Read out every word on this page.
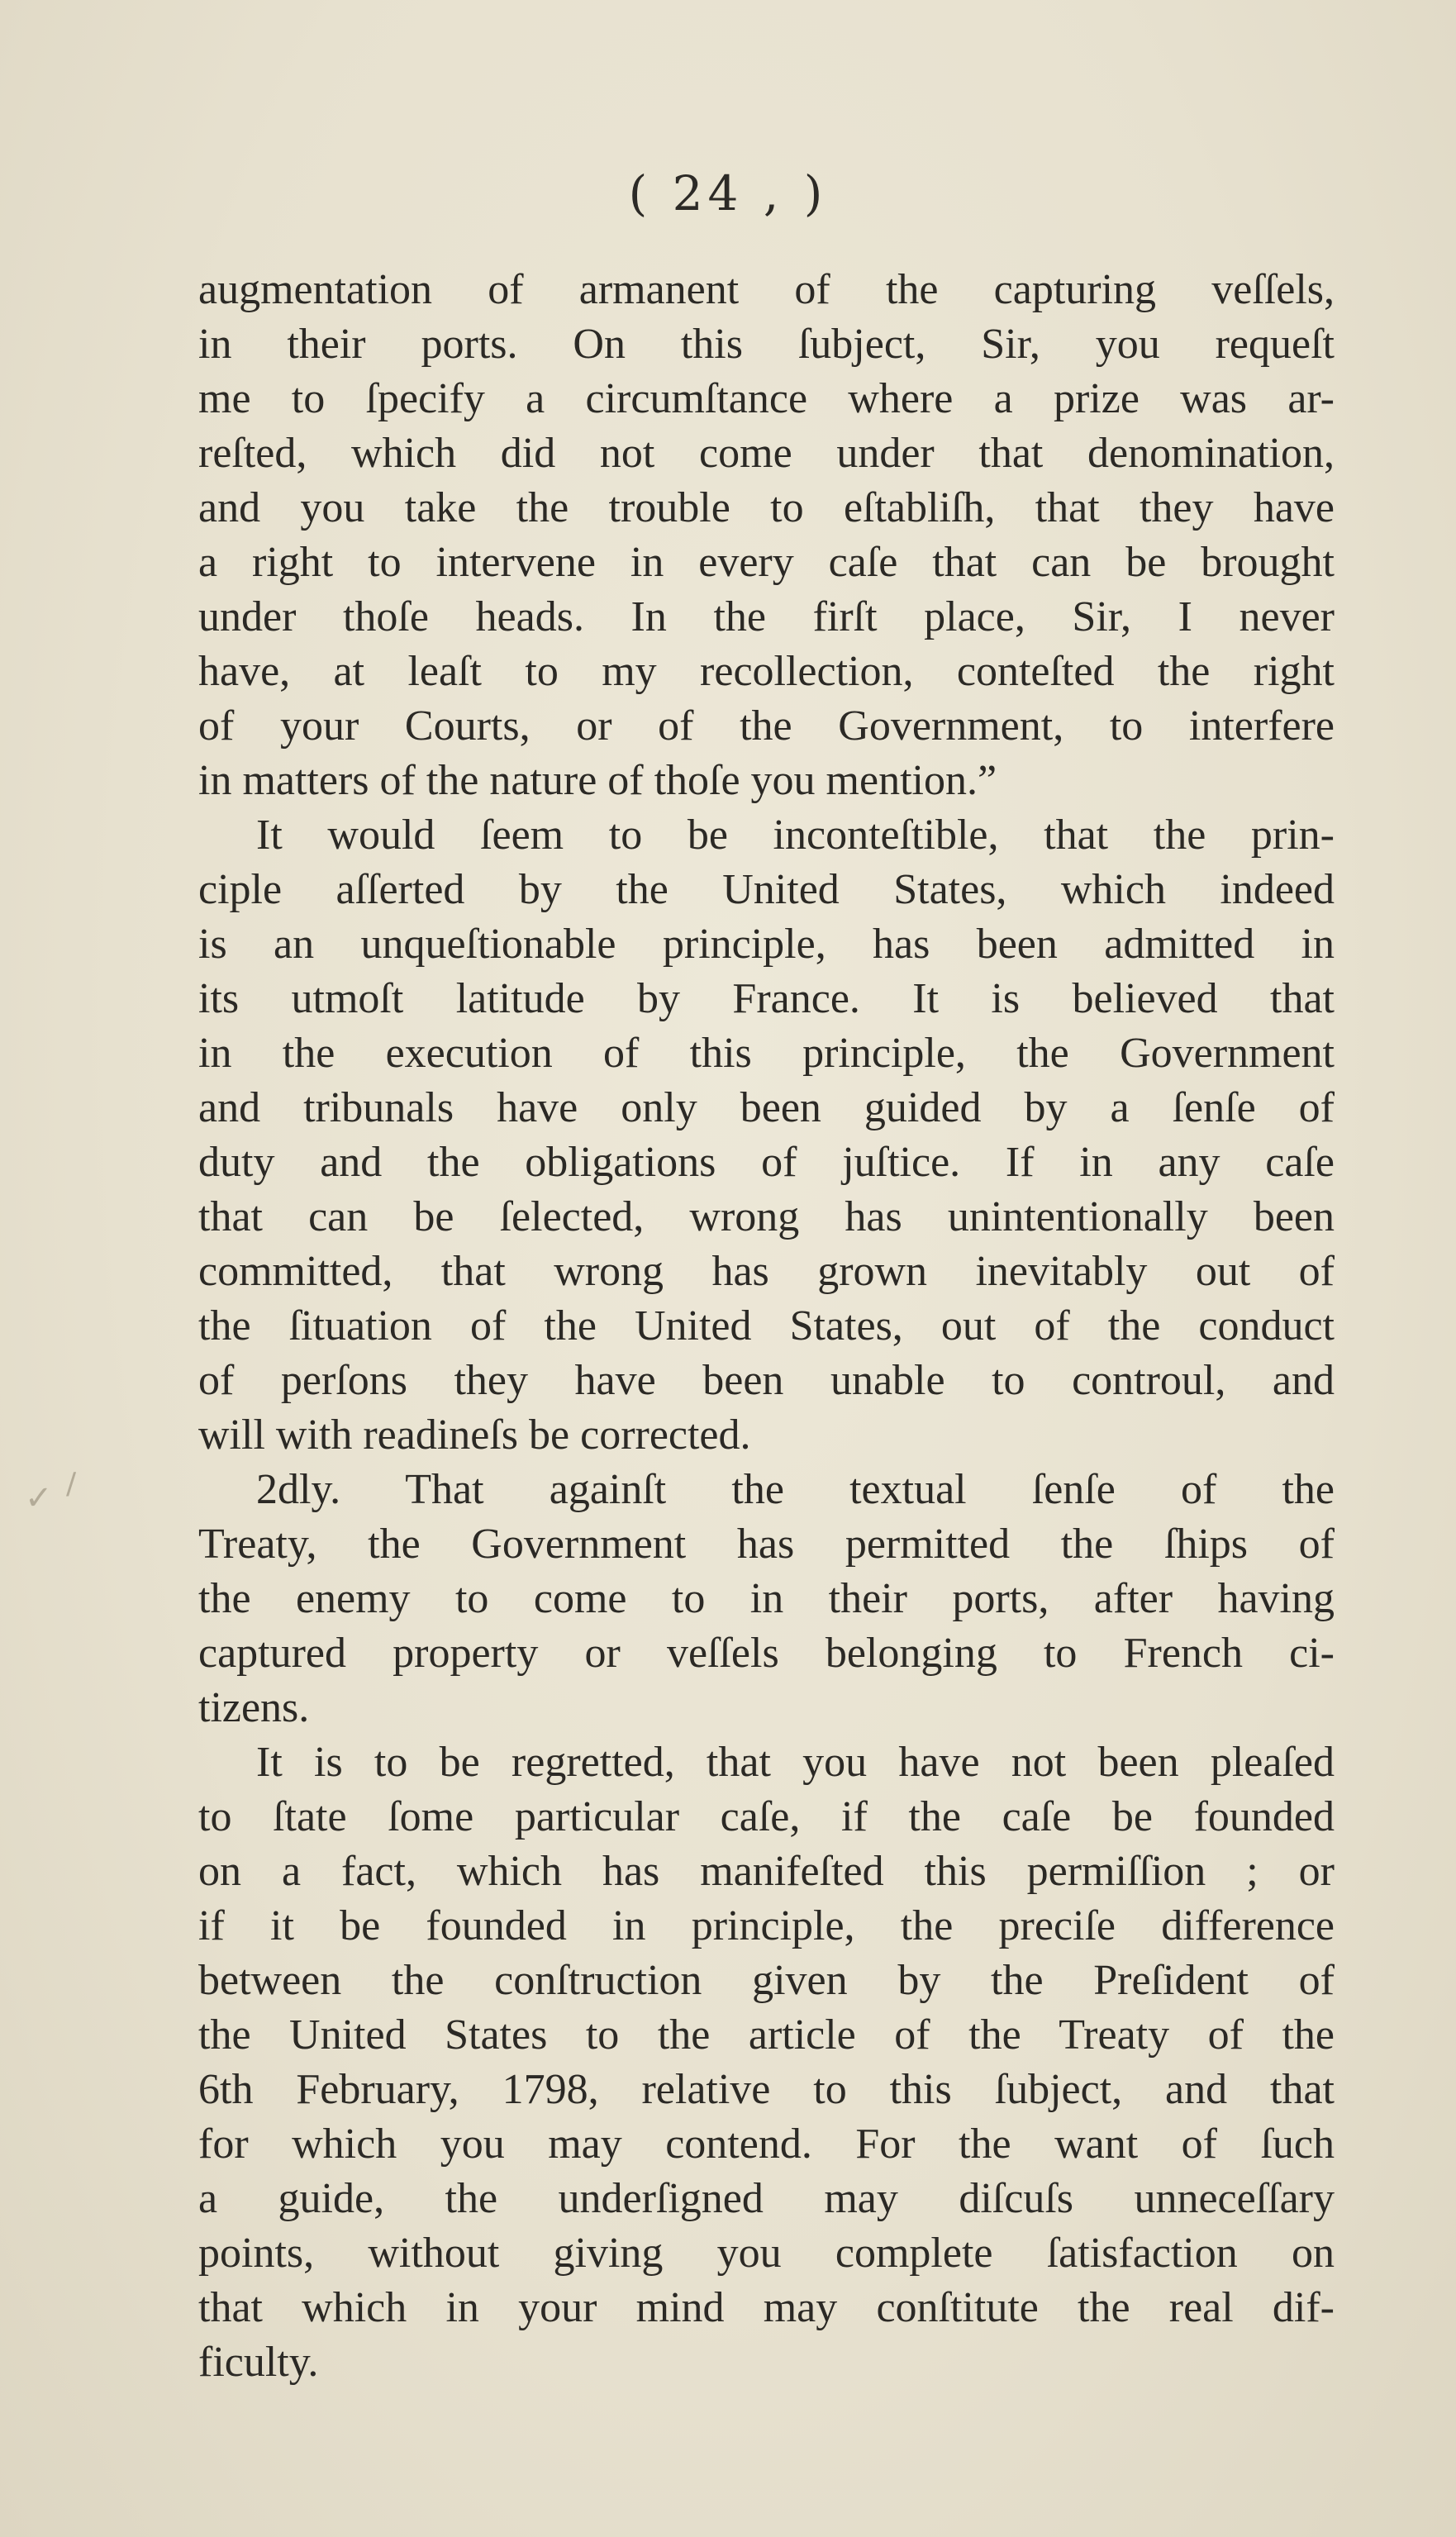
( 24 , )
✓ /
augmentation of armanent of the capturing veſſels,
in their ports. On this ſubject, Sir, you requeſt
me to ſpecify a circumſtance where a prize was ar-
reſted, which did not come under that denomination,
and you take the trouble to eſtabliſh, that they have
a right to intervene in every caſe that can be brought
under thoſe heads. In the firſt place, Sir, I never
have, at leaſt to my recollection, conteſted the right
of your Courts, or of the Government, to interfere
in matters of the nature of thoſe you mention.”
It would ſeem to be inconteſtible, that the prin-
ciple aſſerted by the United States, which indeed
is an unqueſtionable principle, has been admitted in
its utmoſt latitude by France. It is believed that
in the execution of this principle, the Government
and tribunals have only been guided by a ſenſe of
duty and the obligations of juſtice. If in any caſe
that can be ſelected, wrong has unintentionally been
committed, that wrong has grown inevitably out of
the ſituation of the United States, out of the conduct
of perſons they have been unable to controul, and
will with readineſs be corrected.
2dly. That againſt the textual ſenſe of the
Treaty, the Government has permitted the ſhips of
the enemy to come to in their ports, after having
captured property or veſſels belonging to French ci-
tizens.
It is to be regretted, that you have not been pleaſed
to ſtate ſome particular caſe, if the caſe be founded
on a fact, which has manifeſted this permiſſion ; or
if it be founded in principle, the preciſe difference
between the conſtruction given by the Preſident of
the United States to the article of the Treaty of the
6th February, 1798, relative to this ſubject, and that
for which you may contend. For the want of ſuch
a guide, the underſigned may diſcuſs unneceſſary
points, without giving you complete ſatisfaction on
that which in your mind may conſtitute the real dif-
ficulty.
